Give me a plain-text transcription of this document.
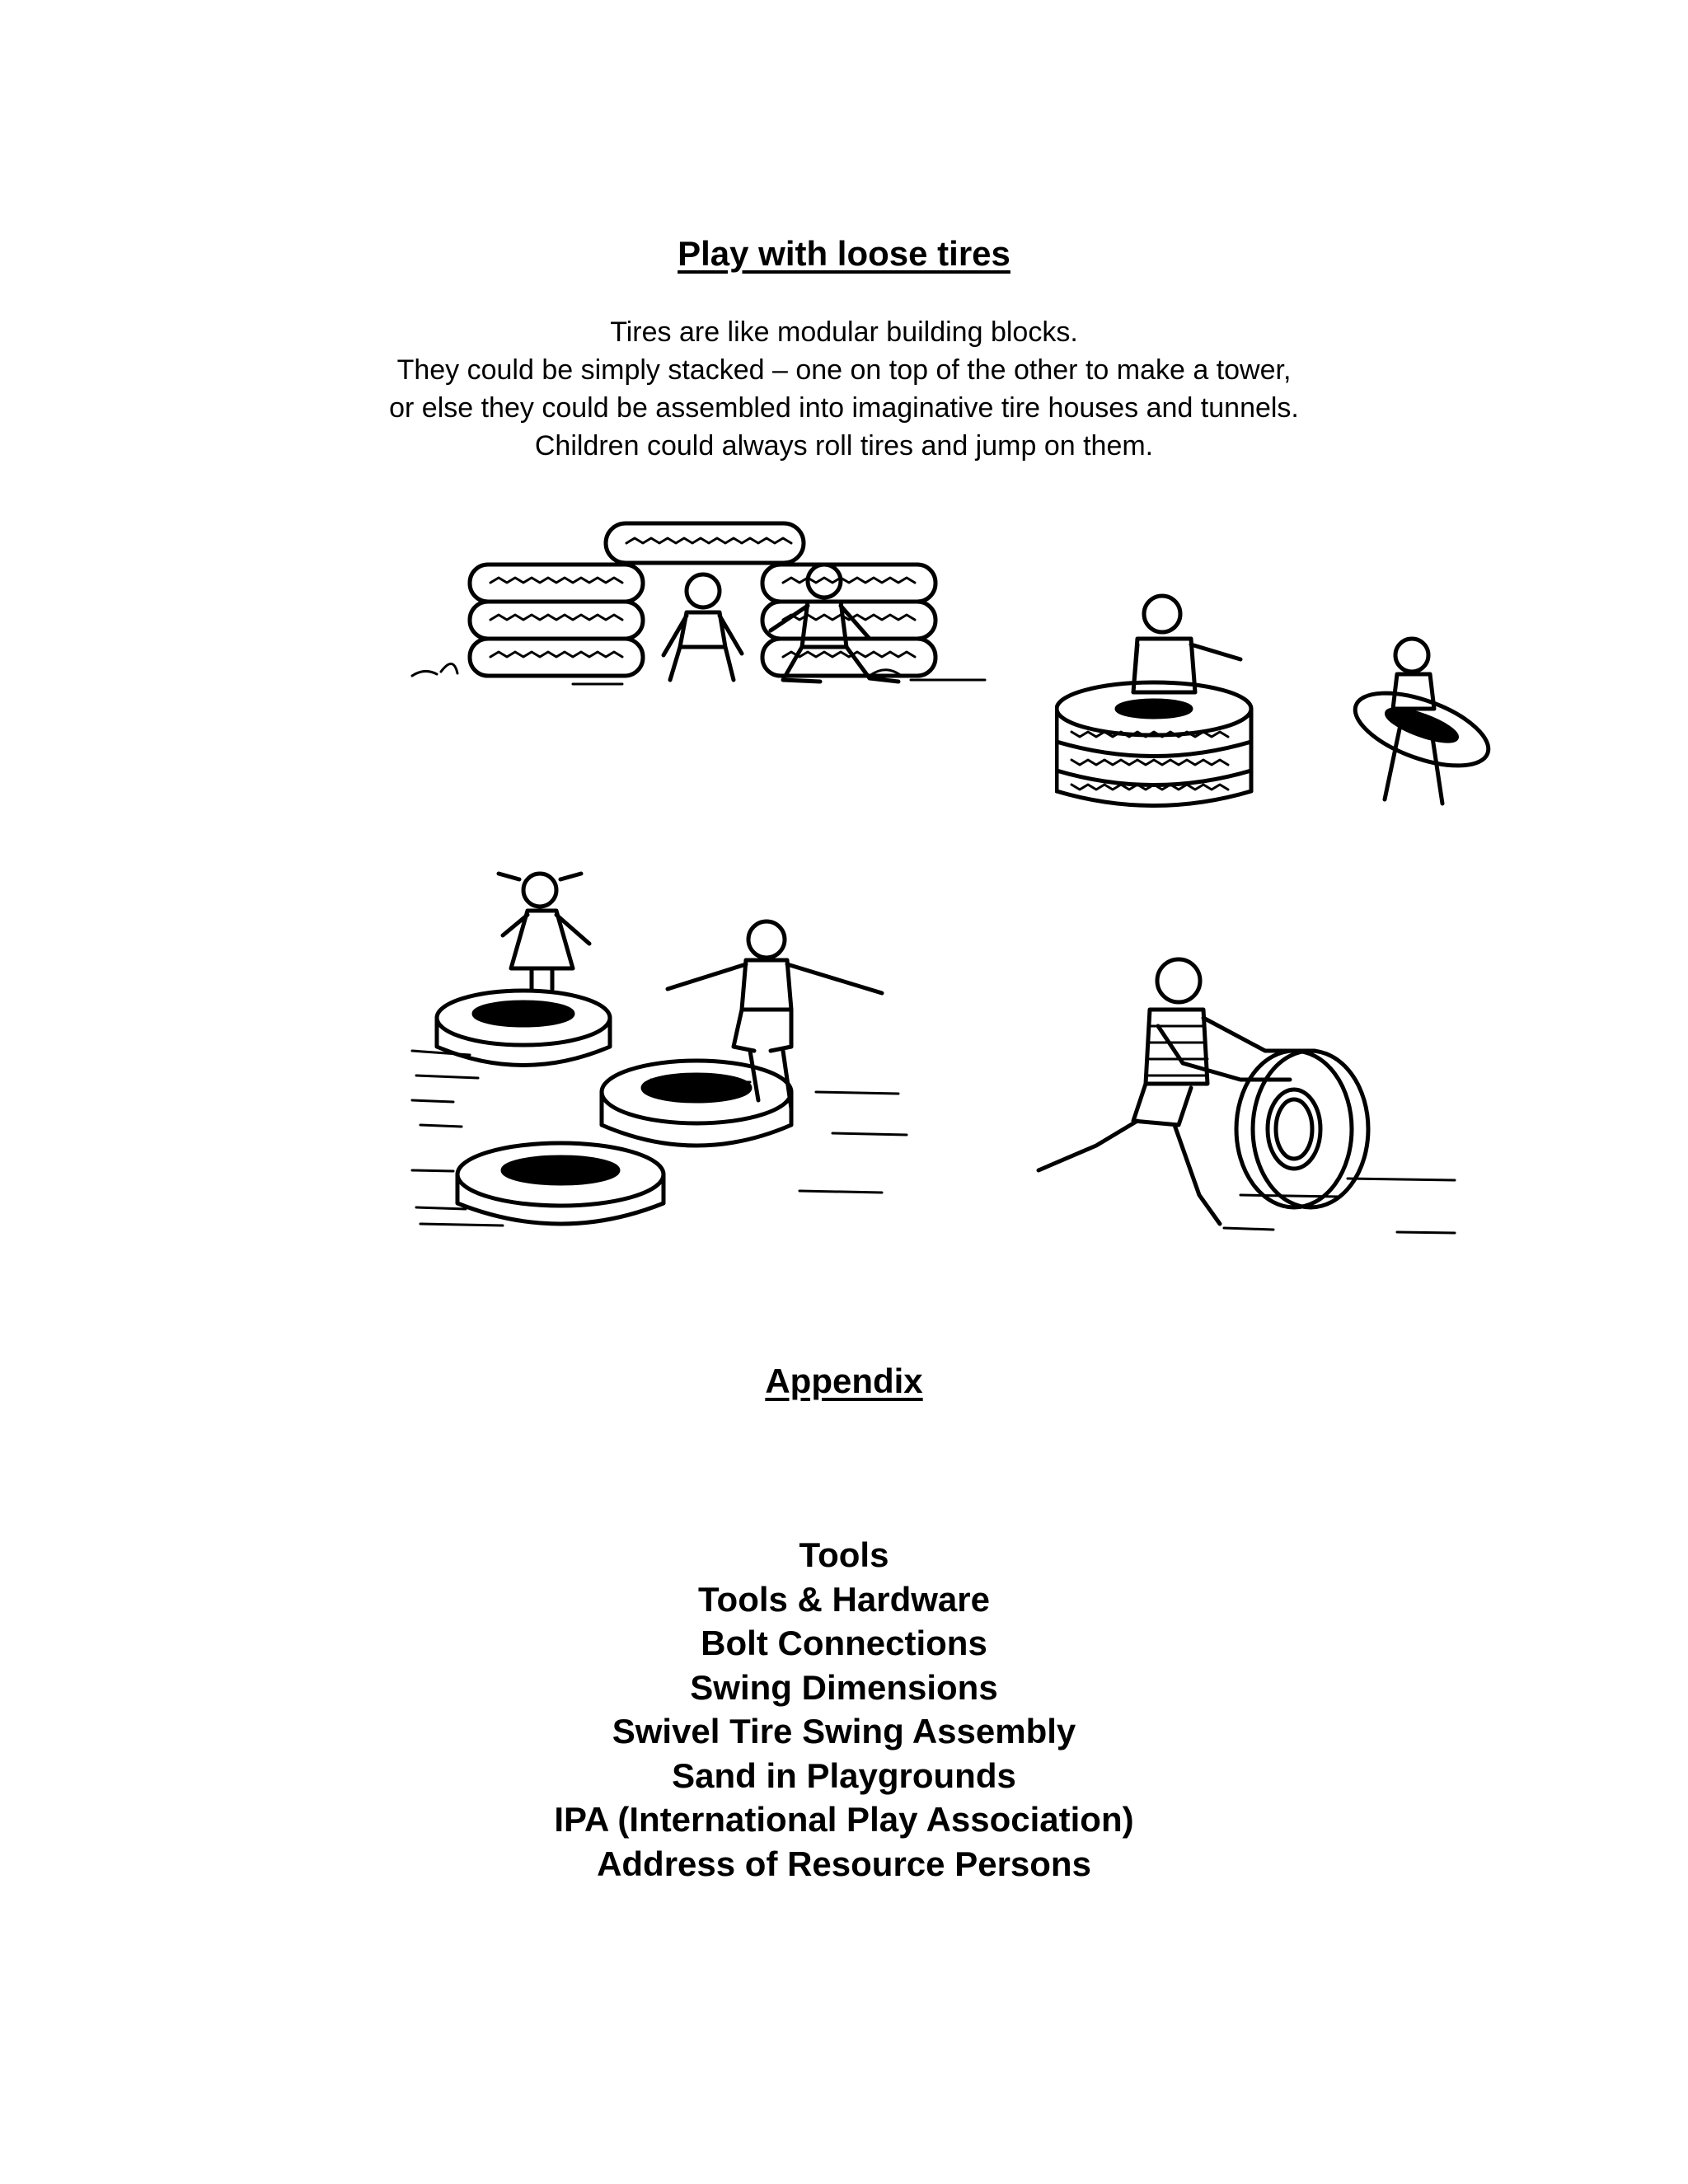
Play with loose tires
Tires are like modular building blocks.
They could be simply stacked – one on top of the other to make a tower,
or else they could be assembled into imaginative tire houses and tunnels.
Children could always roll tires and jump on them.
Appendix
Tools
Tools & Hardware
Bolt Connections
Swing Dimensions
Swivel Tire Swing Assembly
Sand in Playgrounds
IPA (International Play Association)
Address of Resource Persons
